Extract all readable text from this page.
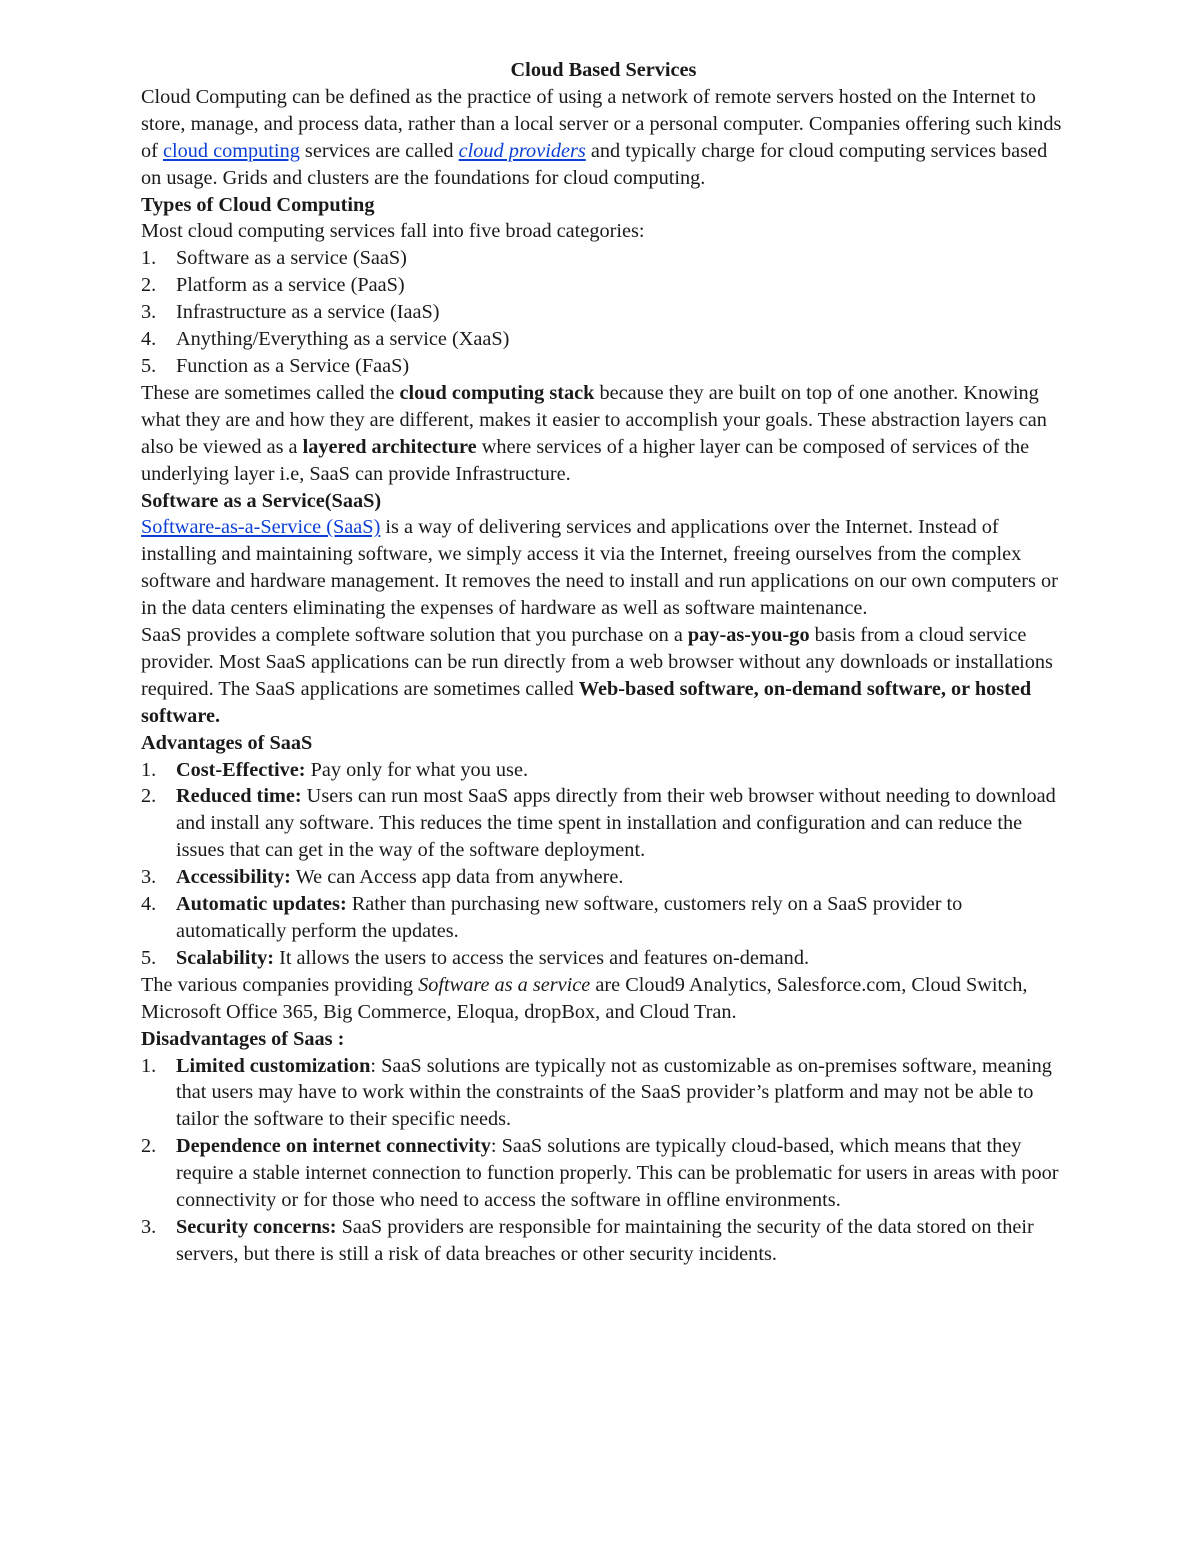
Cloud Based Services

Cloud Computing can be defined as the practice of using a network of remote servers hosted on the Internet to store, manage, and process data, rather than a local server or a personal computer. Companies offering such kinds of cloud computing services are called cloud providers and typically charge for cloud computing services based on usage. Grids and clusters are the foundations for cloud computing.

Types of Cloud Computing

Most cloud computing services fall into five broad categories:

1. Software as a service (SaaS)
2. Platform as a service (PaaS)
3. Infrastructure as a service (IaaS)
4. Anything/Everything as a service (XaaS)
5. Function as a Service (FaaS)

These are sometimes called the cloud computing stack because they are built on top of one another. Knowing what they are and how they are different, makes it easier to accomplish your goals. These abstraction layers can also be viewed as a layered architecture where services of a higher layer can be composed of services of the underlying layer i.e, SaaS can provide Infrastructure.

Software as a Service(SaaS)

Software-as-a-Service (SaaS) is a way of delivering services and applications over the Internet. Instead of installing and maintaining software, we simply access it via the Internet, freeing ourselves from the complex software and hardware management. It removes the need to install and run applications on our own computers or in the data centers eliminating the expenses of hardware as well as software maintenance.

SaaS provides a complete software solution that you purchase on a pay-as-you-go basis from a cloud service provider. Most SaaS applications can be run directly from a web browser without any downloads or installations required. The SaaS applications are sometimes called Web-based software, on-demand software, or hosted software.

Advantages of SaaS

1. Cost-Effective: Pay only for what you use.
2. Reduced time: Users can run most SaaS apps directly from their web browser without needing to download and install any software. This reduces the time spent in installation and configuration and can reduce the issues that can get in the way of the software deployment.
3. Accessibility: We can Access app data from anywhere.
4. Automatic updates: Rather than purchasing new software, customers rely on a SaaS provider to automatically perform the updates.
5. Scalability: It allows the users to access the services and features on-demand.

The various companies providing Software as a service are Cloud9 Analytics, Salesforce.com, Cloud Switch, Microsoft Office 365, Big Commerce, Eloqua, dropBox, and Cloud Tran.

Disadvantages of Saas :

1. Limited customization: SaaS solutions are typically not as customizable as on-premises software, meaning that users may have to work within the constraints of the SaaS provider’s platform and may not be able to tailor the software to their specific needs.
2. Dependence on internet connectivity: SaaS solutions are typically cloud-based, which means that they require a stable internet connection to function properly. This can be problematic for users in areas with poor connectivity or for those who need to access the software in offline environments.
3. Security concerns: SaaS providers are responsible for maintaining the security of the data stored on their servers, but there is still a risk of data breaches or other security incidents.
